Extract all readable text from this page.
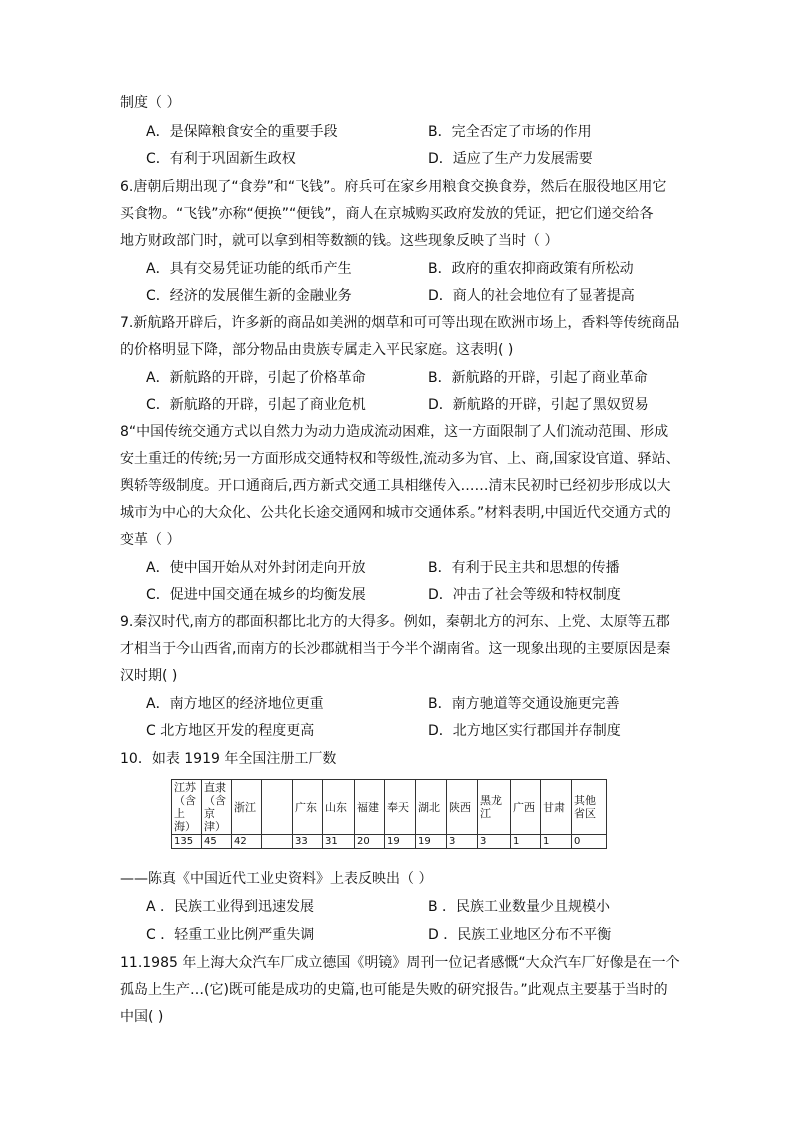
制度（ ）
A．是保障粮食安全的重要手段	B．完全否定了市场的作用
C．有利于巩固新生政权	D．适应了生产力发展需要
6.唐朝后期出现了“食券”和“飞钱”。府兵可在家乡用粮食交换食券，然后在服役地区用它
买食物。“飞钱”亦称“便换”“便钱”，商人在京城购买政府发放的凭证，把它们递交给各
地方财政部门时，就可以拿到相等数额的钱。这些现象反映了当时（ ）
A．具有交易凭证功能的纸币产生	B．政府的重农抑商政策有所松动
C．经济的发展催生新的金融业务	D．商人的社会地位有了显著提高
7.新航路开辟后，许多新的商品如美洲的烟草和可可等出现在欧洲市场上，香料等传统商品
的价格明显下降，部分物品由贵族专属走入平民家庭。这表明( )
A．新航路的开辟，引起了价格革命	B．新航路的开辟，引起了商业革命
C．新航路的开辟，引起了商业危机	D．新航路的开辟，引起了黑奴贸易
8“中国传统交通方式以自然力为动力造成流动困难，这一方面限制了人们流动范围、形成
安土重迁的传统;另一方面形成交通特权和等级性,流动多为官、上、商,国家设官道、驿站、
舆轿等级制度。开口通商后,西方新式交通工具相继传入……清末民初时已经初步形成以大
城市为中心的大众化、公共化长途交通网和城市交通体系。”材料表明,中国近代交通方式的
变革（ ）
A．使中国开始从对外封闭走向开放	B．有利于民主共和思想的传播
C．促进中国交通在城乡的均衡发展	D．冲击了社会等级和特权制度
9.秦汉时代,南方的郡面积都比北方的大得多。例如，秦朝北方的河东、上党、太原等五郡
才相当于今山西省,而南方的长沙郡就相当于今半个湖南省。这一现象出现的主要原因是秦
汉时期( )
A．南方地区的经济地位更重	B．南方驰道等交通设施更完善
C 北方地区开发的程度更高	D．北方地区实行郡国并存制度
10．如表 1919 年全国注册工厂数
江苏（含上海）	直隶（含京津）	浙江		广东	山东	福建	奉天	湖北	陕西	黑龙江	广西	甘肃	其他省区
135	45	42		33	31	20	19	19	3	3	1	1	0
——陈真《中国近代工业史资料》上表反映出（ ）
A ．民族工业得到迅速发展	B ．民族工业数量少且规模小
C ．轻重工业比例严重失调	D ．民族工业地区分布不平衡
11.1985 年上海大众汽车厂成立德国《明镜》周刊一位记者感慨“大众汽车厂好像是在一个
孤岛上生产…(它)既可能是成功的史篇,也可能是失败的研究报告。”此观点主要基于当时的
中国( )
